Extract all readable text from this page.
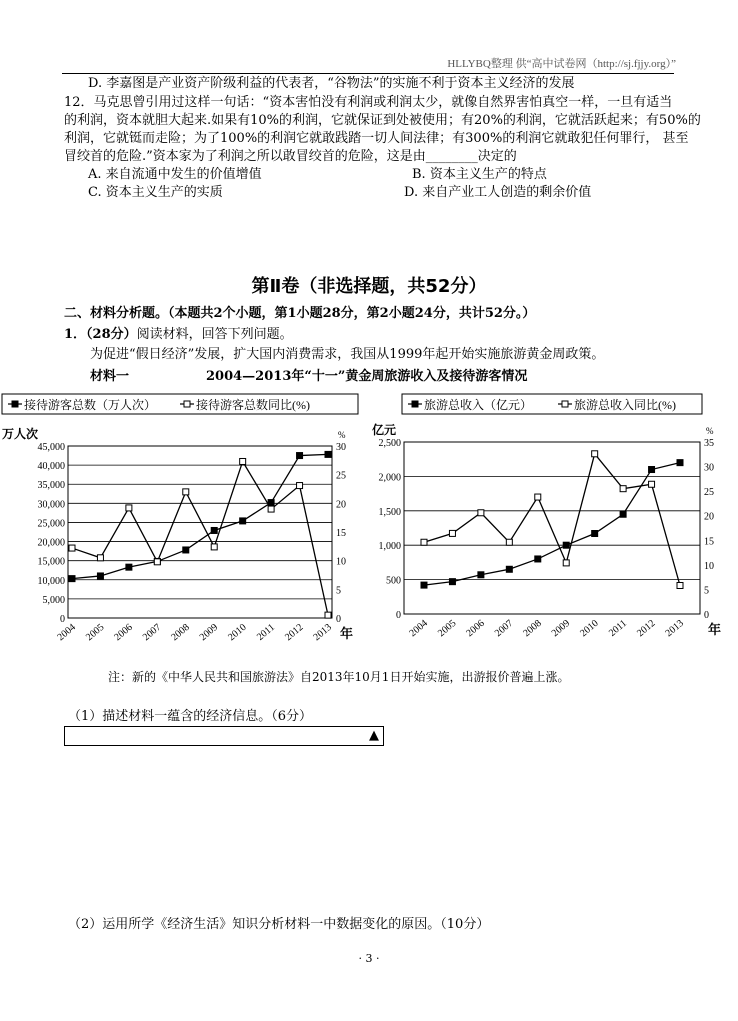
HLLYBQ整理 供“高中试卷网（http://sj.fjjy.org）”
D. 李嘉图是产业资产阶级利益的代表者，“谷物法”的实施不利于资本主义经济的发展
12．马克思曾引用过这样一句话：“资本害怕没有利润或利润太少，就像自然界害怕真空一样，一旦有适当
的利润，资本就胆大起来.如果有10%的利润，它就保证到处被使用；有20%的利润，它就活跃起来；有50%的
利润，它就铤而走险；为了100%的利润它就敢践踏一切人间法律；有300%的利润它就敢犯任何罪行， 甚至
冒绞首的危险.”资本家为了利润之所以敢冒绞首的危险，这是由________决定的
A. 来自流通中发生的价值增值	B. 资本主义生产的特点
C. 资本主义生产的实质	D. 来自产业工人创造的剩余价值
第Ⅱ卷（非选择题，共52分）
二、材料分析题。（本题共2个小题，第1小题28分，第2小题24分，共计52分。）
1．（28分）阅读材料，回答下列问题。
为促进“假日经济”发展，扩大国内消费需求，我国从1999年起开始实施旅游黄金周政策。
材料一	2004—2013年“十一”黄金周旅游收入及接待游客情况
接待游客总数（万人次）	接待游客总数同比(%)
万人次	%
0
5,000
10,000
15,000
20,000
25,000
30,000
35,000
40,000
45,000
0
5
10
15
20
25
30
2004 2005 2006 2007 2008 2009 2010 2011 2012 2013 年
旅游总收入（亿元）	旅游总收入同比(%)
亿元	%
0
500
1,000
1,500
2,000
2,500
0
5
10
15
20
25
30
35
2004 2005 2006 2007 2008 2009 2010 2011 2012 2013 年
注：新的《中华人民共和国旅游法》自2013年10月1日开始实施，出游报价普遍上涨。
（1）描述材料一蕴含的经济信息。（6分）
▲
（2）运用所学《经济生活》知识分析材料一中数据变化的原因。（10分）
· 3 ·
